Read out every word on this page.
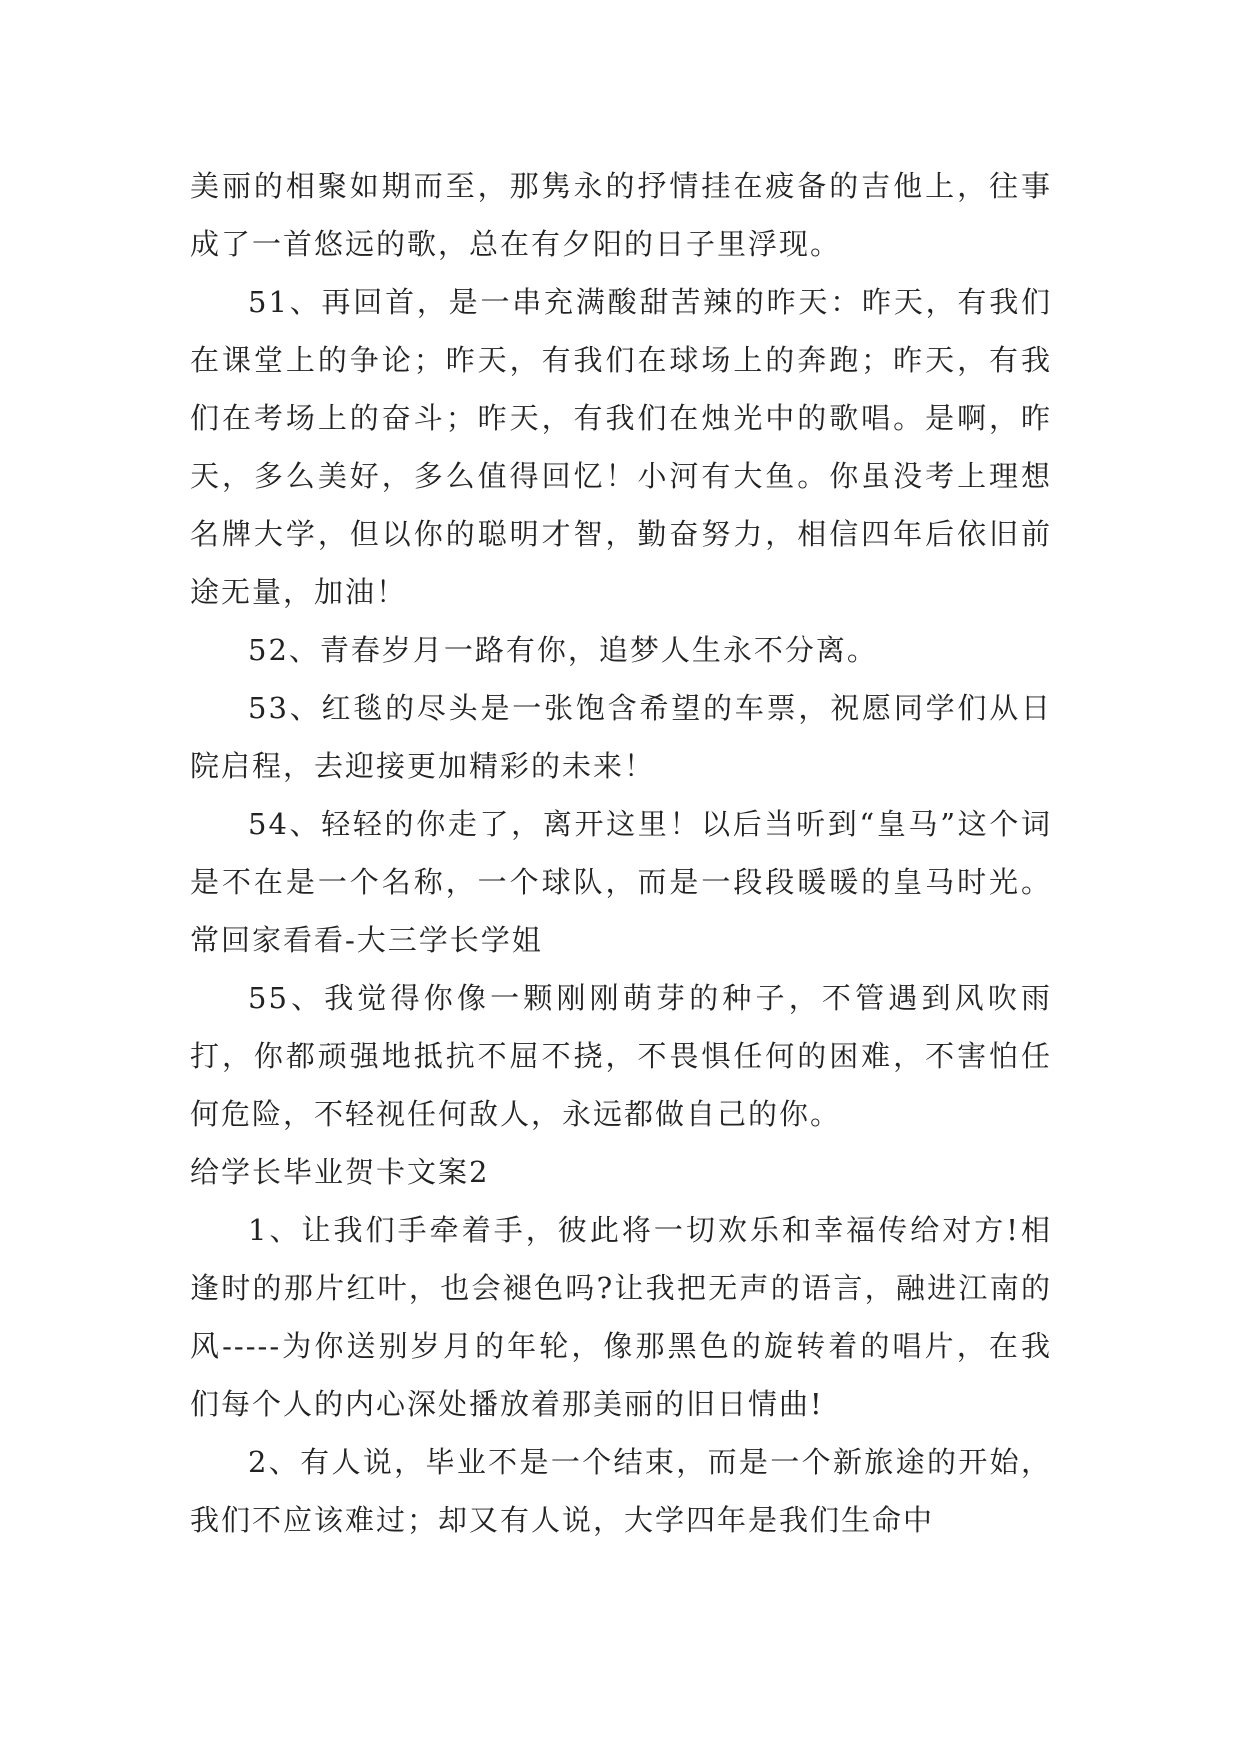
美丽的相聚如期而至，那隽永的抒情挂在疲备的吉他上，往事成了一首悠远的歌，总在有夕阳的日子里浮现。

51、再回首，是一串充满酸甜苦辣的昨天：昨天，有我们在课堂上的争论；昨天，有我们在球场上的奔跑；昨天，有我们在考场上的奋斗；昨天，有我们在烛光中的歌唱。是啊，昨天，多么美好，多么值得回忆！小河有大鱼。你虽没考上理想名牌大学，但以你的聪明才智，勤奋努力，相信四年后依旧前途无量，加油！

52、青春岁月一路有你，追梦人生永不分离。

53、红毯的尽头是一张饱含希望的车票，祝愿同学们从日院启程，去迎接更加精彩的未来！

54、轻轻的你走了，离开这里！以后当听到“皇马”这个词是不在是一个名称，一个球队，而是一段段暖暖的皇马时光。常回家看看-大三学长学姐

55、我觉得你像一颗刚刚萌芽的种子，不管遇到风吹雨打，你都顽强地抵抗不屈不挠，不畏惧任何的困难，不害怕任何危险，不轻视任何敌人，永远都做自己的你。

给学长毕业贺卡文案2

1、让我们手牵着手，彼此将一切欢乐和幸福传给对方!相逢时的那片红叶，也会褪色吗?让我把无声的语言，融进江南的风-----为你送别岁月的年轮，像那黑色的旋转着的唱片，在我们每个人的内心深处播放着那美丽的旧日情曲!

2、有人说，毕业不是一个结束，而是一个新旅途的开始，我们不应该难过；却又有人说，大学四年是我们生命中
